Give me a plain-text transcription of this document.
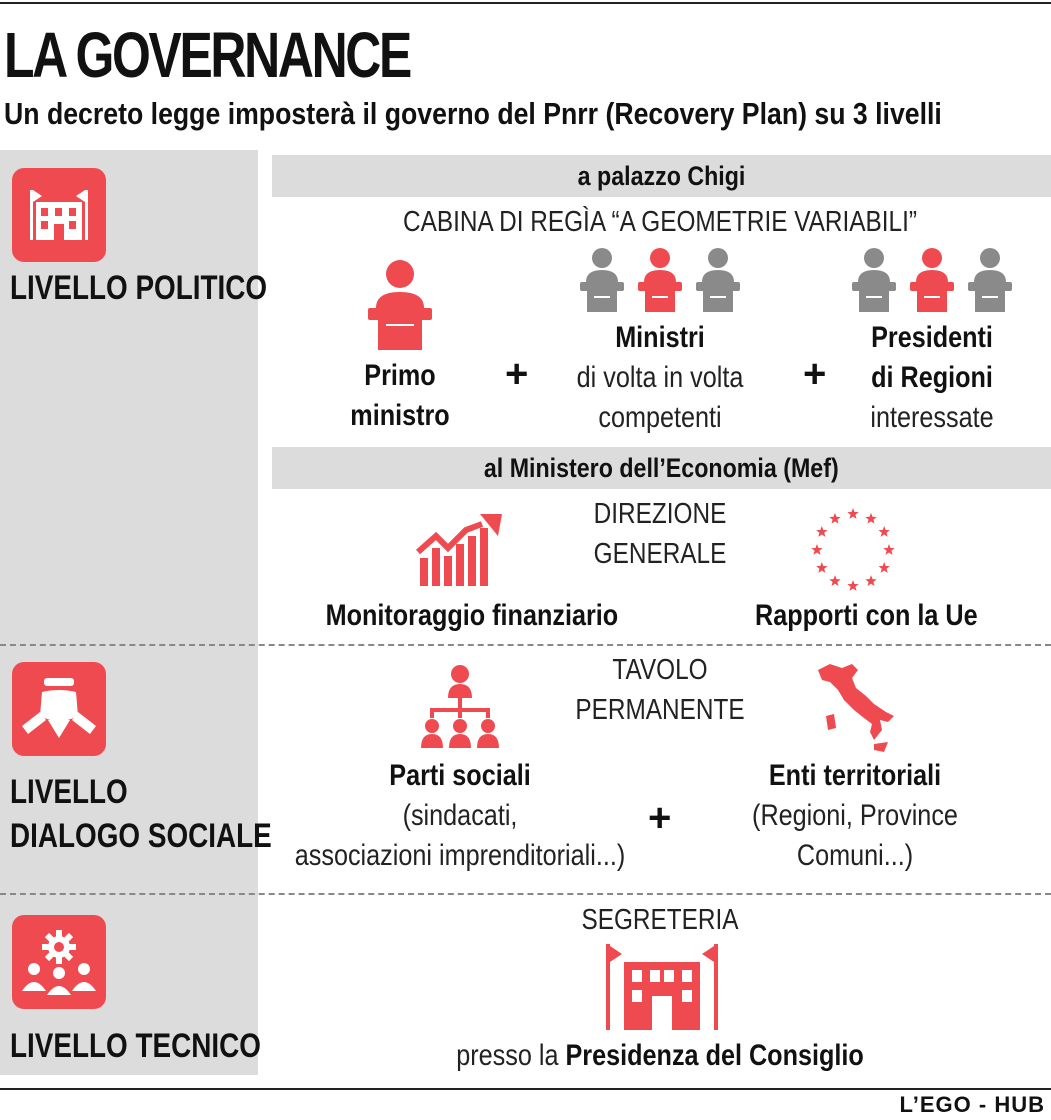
LA GOVERNANCE
Un decreto legge imposterà il governo del Pnrr (Recovery Plan) su 3 livelli
LIVELLO POLITICO
LIVELLO
DIALOGO SOCIALE
LIVELLO TECNICO
a palazzo Chigi
CABINA DI REGÌA “A GEOMETRIE VARIABILI”
Primo
ministro
+
Ministri
di volta in volta
competenti
+
Presidenti
di Regioni
interessate
al Ministero dell’Economia (Mef)
DIREZIONE
GENERALE
Monitoraggio finanziario	Rapporti con la Ue
TAVOLO
PERMANENTE
Parti sociali
(sindacati,
associazioni imprenditoriali...)
+
Enti territoriali
(Regioni, Province
Comuni...)
SEGRETERIA
presso la Presidenza del Consiglio
L’EGO - HUB
